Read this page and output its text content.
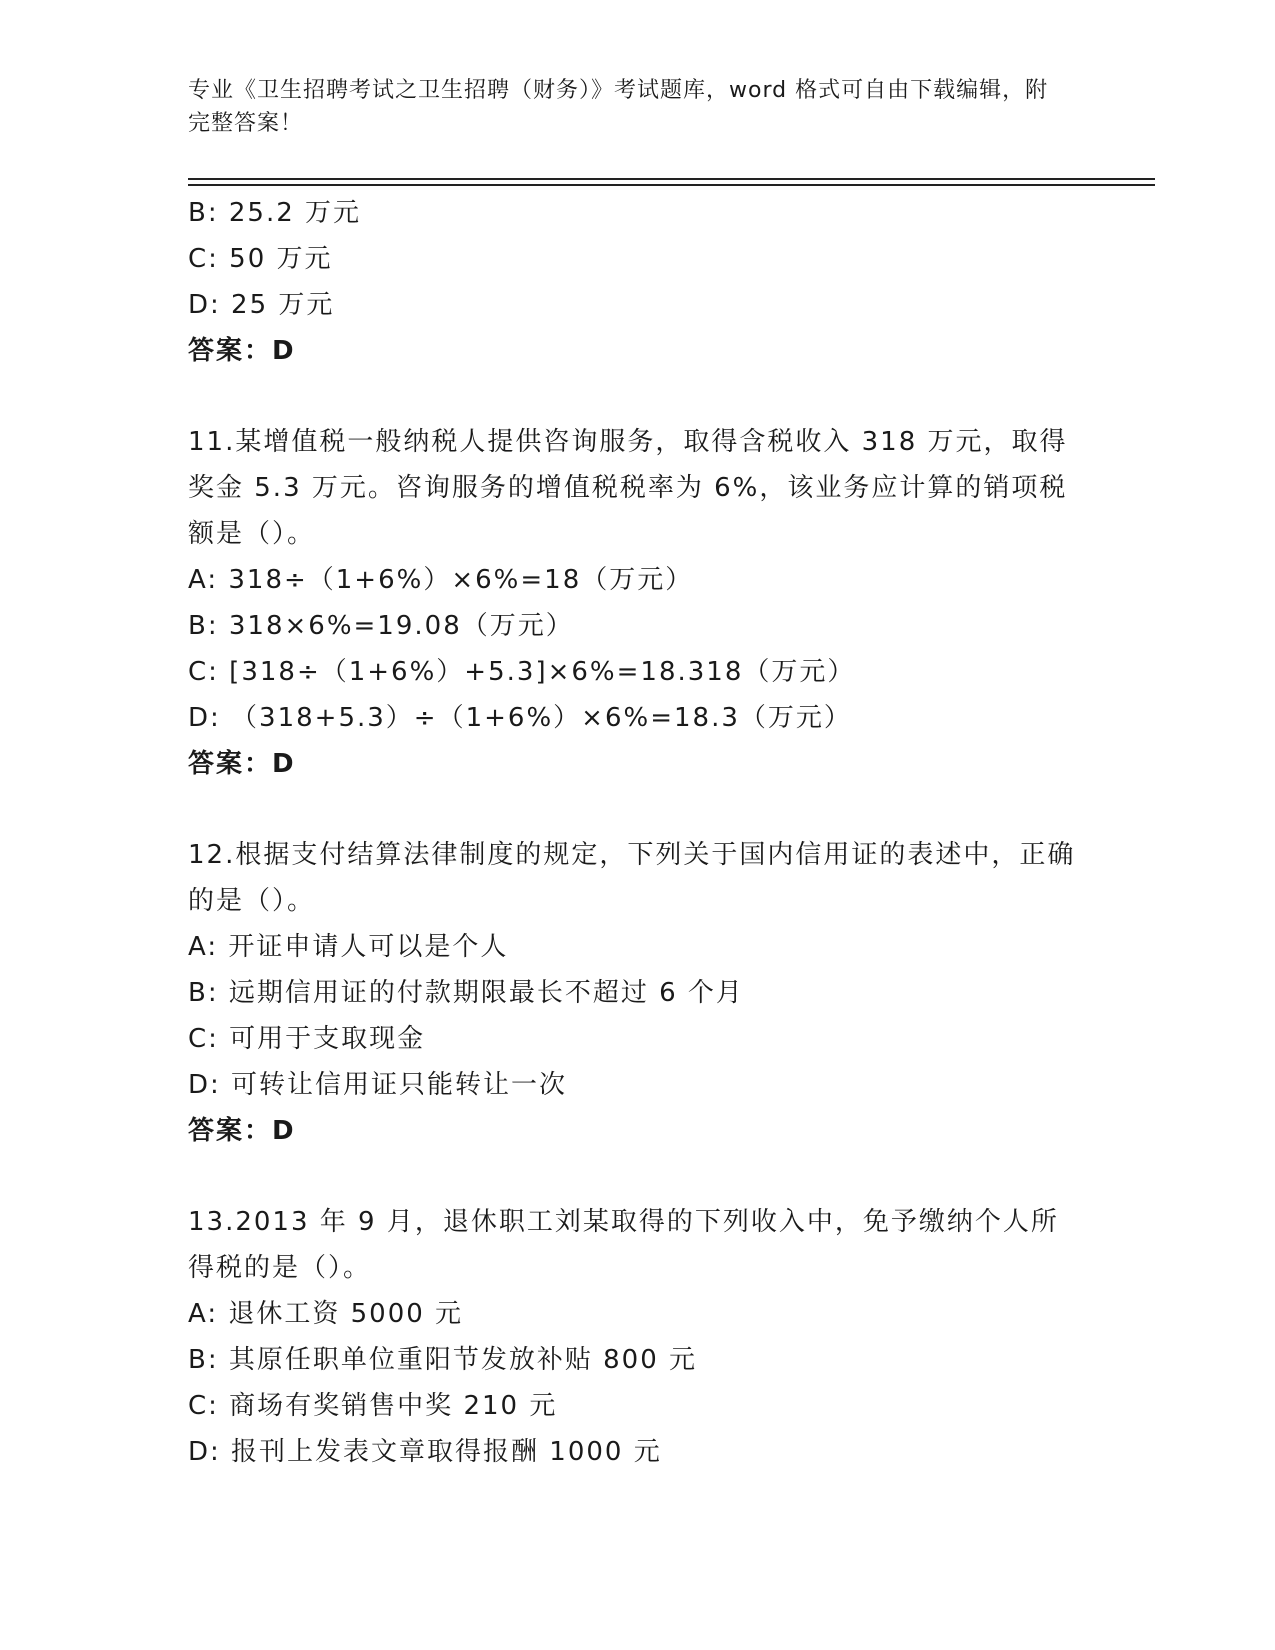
专业《卫生招聘考试之卫生招聘（财务）》考试题库，word 格式可自由下载编辑，附完整答案！
B: 25.2 万元
C: 50 万元
D: 25 万元
答案：D
11.某增值税一般纳税人提供咨询服务，取得含税收入 318 万元，取得奖金 5.3 万元。咨询服务的增值税税率为 6%，该业务应计算的销项税额是（）。
A: 318÷（1+6%）×6%=18（万元）
B: 318×6%=19.08（万元）
C: [318÷（1+6%）+5.3]×6%=18.318（万元）
D: （318+5.3）÷（1+6%）×6%=18.3（万元）
答案：D
12.根据支付结算法律制度的规定，下列关于国内信用证的表述中，正确的是（）。
A: 开证申请人可以是个人
B: 远期信用证的付款期限最长不超过 6 个月
C: 可用于支取现金
D: 可转让信用证只能转让一次
答案：D
13.2013 年 9 月，退休职工刘某取得的下列收入中，免予缴纳个人所得税的是（）。
A: 退休工资 5000 元
B: 其原任职单位重阳节发放补贴 800 元
C: 商场有奖销售中奖 210 元
D: 报刊上发表文章取得报酬 1000 元
